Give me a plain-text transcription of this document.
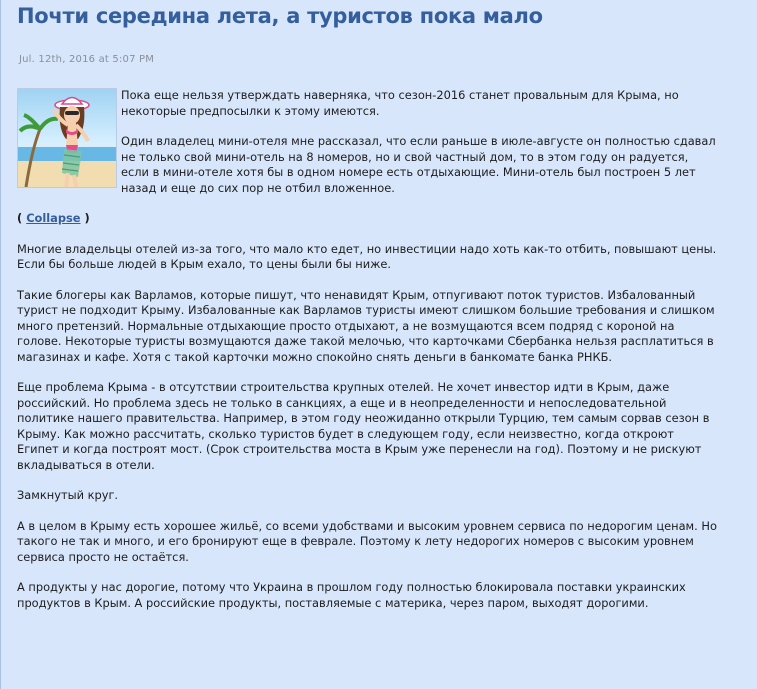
Почти середина лета, а туристов пока мало
Jul. 12th, 2016 at 5:07 PM

Пока еще нельзя утверждать наверняка, что сезон-2016 станет провальным для Крыма, но некоторые предпосылки к этому имеются.

Один владелец мини-отеля мне рассказал, что если раньше в июле-августе он полностью сдавал не только свой мини-отель на 8 номеров, но и свой частный дом, то в этом году он радуется, если в мини-отеле хотя бы в одном номере есть отдыхающие. Мини-отель был построен 5 лет назад и еще до сих пор не отбил вложенное.

( Collapse )

Многие владельцы отелей из-за того, что мало кто едет, но инвестиции надо хоть как-то отбить, повышают цены. Если бы больше людей в Крым ехало, то цены были бы ниже.

Такие блогеры как Варламов, которые пишут, что ненавидят Крым, отпугивают поток туристов. Избалованный турист не подходит Крыму. Избалованные как Варламов туристы имеют слишком большие требования и слишком много претензий. Нормальные отдыхающие просто отдыхают, а не возмущаются всем подряд с короной на голове. Некоторые туристы возмущаются даже такой мелочью, что карточками Сбербанка нельзя расплатиться в магазинах и кафе. Хотя с такой карточки можно спокойно снять деньги в банкомате банка РНКБ.

Еще проблема Крыма - в отсутствии строительства крупных отелей. Не хочет инвестор идти в Крым, даже российский. Но проблема здесь не только в санкциях, а еще и в неопределенности и непоследовательной политике нашего правительства. Например, в этом году неожиданно открыли Турцию, тем самым сорвав сезон в Крыму. Как можно рассчитать, сколько туристов будет в следующем году, если неизвестно, когда откроют Египет и когда построят мост. (Срок строительства моста в Крым уже перенесли на год). Поэтому и не рискуют вкладываться в отели.

Замкнутый круг.

А в целом в Крыму есть хорошее жильё, со всеми удобствами и высоким уровнем сервиса по недорогим ценам. Но такого не так и много, и его бронируют еще в феврале. Поэтому к лету недорогих номеров с высоким уровнем сервиса просто не остаётся.

А продукты у нас дорогие, потому что Украина в прошлом году полностью блокировала поставки украинских продуктов в Крым. А российские продукты, поставляемые с материка, через паром, выходят дорогими.
